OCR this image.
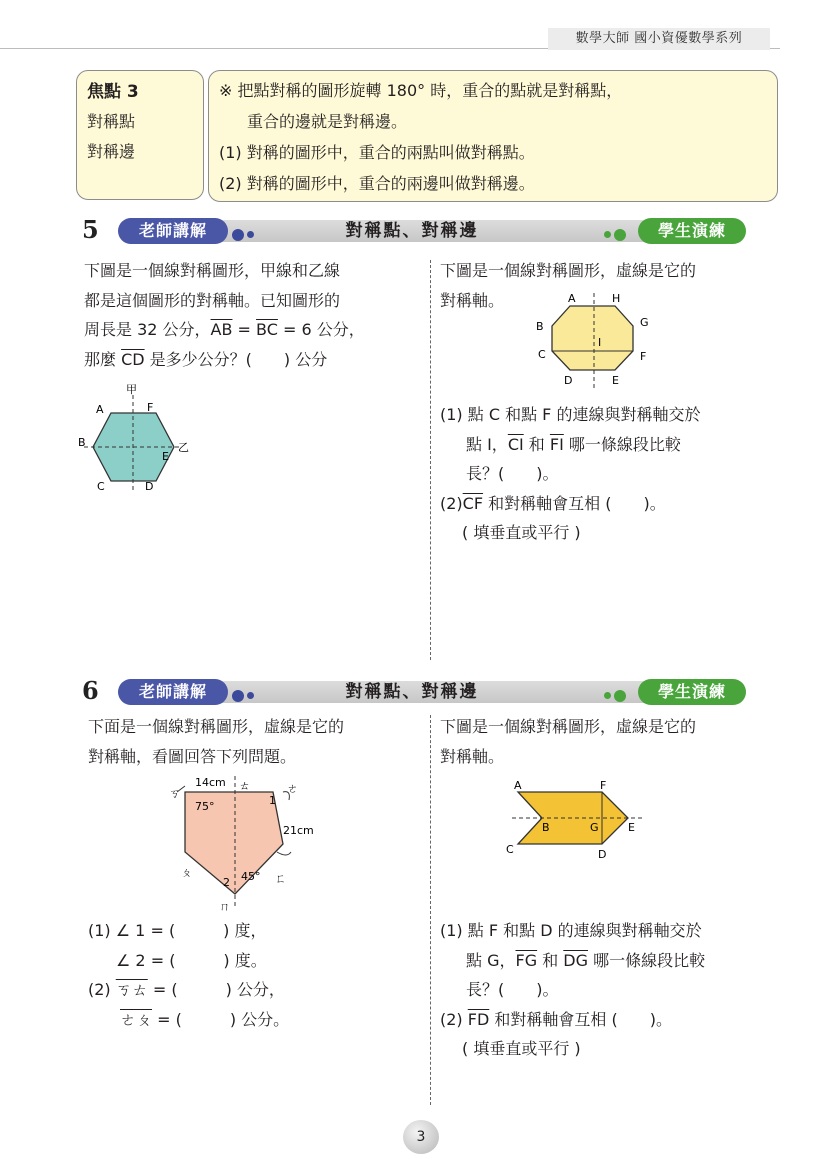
數學大師 國小資優數學系列
焦點 3
對稱點
對稱邊
※ 把點對稱的圖形旋轉 180° 時，重合的點就是對稱點，
重合的邊就是對稱邊。
(1) 對稱的圖形中，重合的兩點叫做對稱點。
(2) 對稱的圖形中，重合的兩邊叫做對稱邊。
5	老師講解	對稱點、對稱邊	學生演練
下圖是一個線對稱圖形，甲線和乙線
都是這個圖形的對稱軸。已知圖形的
周長是 32 公分，$\overline{AB} = \overline{BC} = 6$ 公分，
那麼 $\overline{CD}$ 是多少公分？(　　) 公分
甲
乙
A	F
B
E
C	D
下圖是一個線對稱圖形，虛線是它的
對稱軸。	A	H
B	G
C
I
F
D	E
(1) 點 C 和點 F 的連線與對稱軸交於
點 I，$\overline{CI}$ 和 $\overline{FI}$ 哪一條線段比較
長？(　　)。
$(2)\overline{CF}$ 和對稱軸會互相 (　　)。
( 填垂直或平行 )
6	老師講解	對稱點、對稱邊	學生演練
下面是一個線對稱圖形，虛線是它的
對稱軸，看圖回答下列問題。
14cm ㄊ
ㄎ	ㄜ
75°	1
21cm
ㄆ	45°
2	ㄈ
ㄇ
(1) ∠ 1 = (　　　) 度，
∠ 2 = (　　　) 度。
(2) ㄎㄊ = (　　　) 公分，
ㄜㄆ = (　　　) 公分。
下圖是一個線對稱圖形，虛線是它的
對稱軸。
A	F
B	G	E
C	D
(1) 點 F 和點 D 的連線與對稱軸交於
點 G，$\overline{FG}$ 和 $\overline{DG}$ 哪一條線段比較
長？(　　)。
(2) $\overline{FD}$ 和對稱軸會互相 (　　)。
( 填垂直或平行 )
3
